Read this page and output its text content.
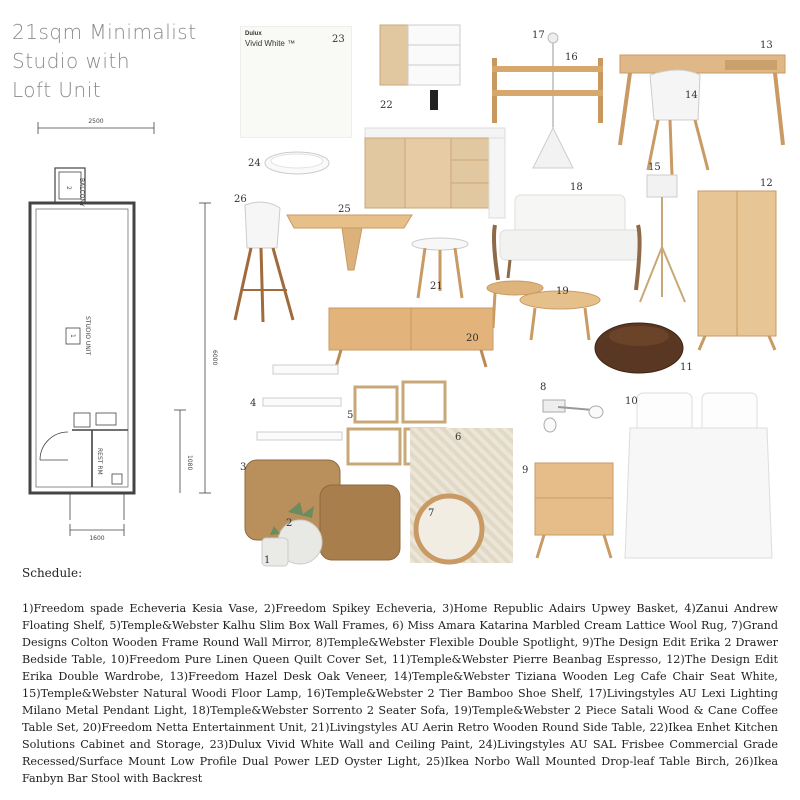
21sqm Minimalist
Studio with
Loft Unit
2500
1600
6000
1080
BALCONY
2
STUDIO UNIT
1
REST RM
Dulux
Vivid White ™	23
22
17
16
13
14
24
18
15
12
26
25
21	19
20
11
4
5
6
7
3
1
2
8
9
10
Schedule:
1)Freedom spade Echeveria Kesia Vase, 2)Freedom Spikey Echeveria, 3)Home Republic Adairs Upwey Basket, 4)Zanui Andrew Floating Shelf, 5)Temple&Webster Kalhu Slim Box Wall Frames, 6) Miss Amara Katarina Marbled Cream Lattice Wool Rug, 7)Grand Designs Colton Wooden Frame Round Wall Mirror, 8)Temple&Webster Flexible Double Spotlight, 9)The Design Edit Erika 2 Drawer Bedside Table, 10)Freedom Pure Linen Queen Quilt Cover Set, 11)Temple&Webster Pierre Beanbag Espresso, 12)The Design Edit Erika Double Wardrobe, 13)Freedom Hazel Desk Oak Veneer, 14)Temple&Webster Tiziana Wooden Leg Cafe Chair Seat White, 15)Temple&Webster Natural Woodi Floor Lamp, 16)Temple&Webster 2 Tier Bamboo Shoe Shelf, 17)Livingstyles AU Lexi Lighting Milano Metal Pendant Light, 18)Temple&Webster Sorrento 2 Seater Sofa, 19)Temple&Webster 2 Piece Satali Wood & Cane Coffee Table Set, 20)Freedom Netta Entertainment Unit, 21)Livingstyles AU Aerin Retro Wooden Round Side Table, 22)Ikea Enhet Kitchen Solutions Cabinet and Storage, 23)Dulux Vivid White Wall and Ceiling Paint, 24)Livingstyles AU SAL Frisbee Commercial Grade Recessed/Surface Mount Low Profile Dual Power LED Oyster Light, 25)Ikea Norbo Wall Mounted Drop-leaf Table Birch, 26)Ikea Fanbyn Bar Stool with Backrest
